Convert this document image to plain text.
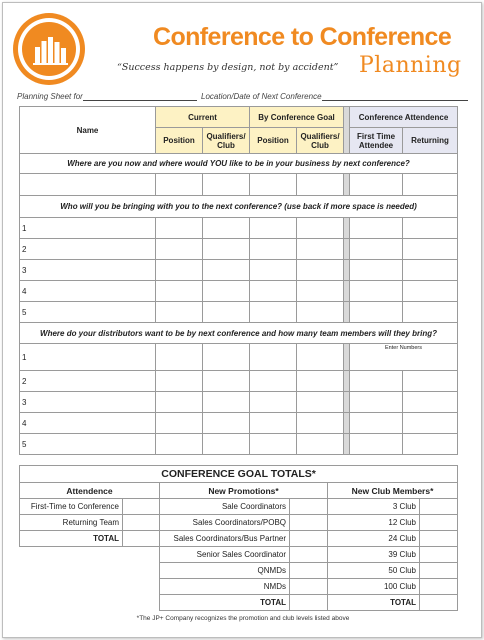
Conference to Conference
Planning
“Success happens by design, not by accident”
Planning Sheet for	Location/Date of Next Conference
Name	Current		By Conference Goal			Conference Attendence	
	Position	Qualifiers/ Club	Position	Qualifiers/ Club		First Time Attendee	Returning
Where are you now and where would YOU like to be in your business by next conference?							

Who will you be bringing with you to the next conference? (use back if more space is needed)							
1							
2							
3							
4							
5							
Where do your distributors want to be by next conference and how many team members will they bring?							
1						Enter Numbers	
2							
3							
4							
5							
CONFERENCE GOAL TOTALS*					
Attendence		New Promotions*		New Club Members*	
First-Time to Conference		Sale Coordinators		3 Club	
Returning Team		Sales Coordinators/POBQ		12 Club	
TOTAL		Sales Coordinators/Bus Partner		24 Club	
		Senior Sales Coordinator		39 Club	
		QNMDs		50 Club	
		NMDs		100 Club	
		TOTAL		TOTAL	
*The JP+ Company recognizes the promotion and club levels listed above
